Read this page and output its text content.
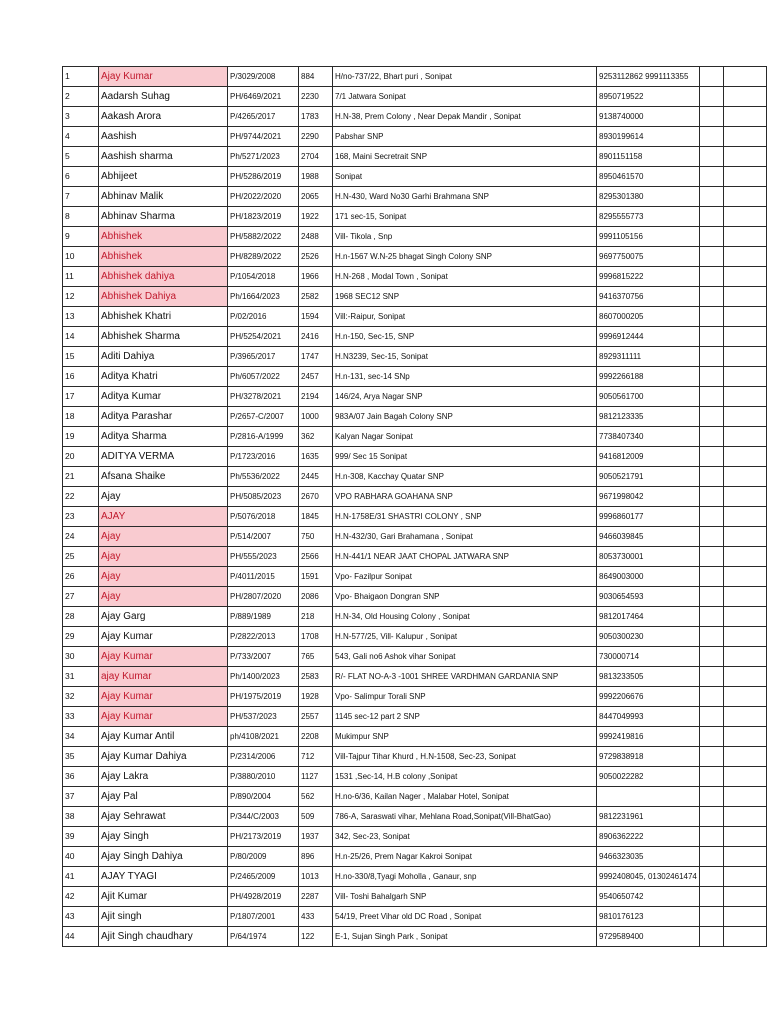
1	Ajay Kumar	P/3029/2008	884	H/no-737/22, Bhart puri , Sonipat	9253112862 9991113355		
2	Aadarsh Suhag	PH/6469/2021	2230	7/1 Jatwara Sonipat	8950719522		
3	Aakash Arora	P/4265/2017	1783	H.N-38, Prem Colony , Near Depak Mandir , Sonipat	9138740000		
4	Aashish	PH/9744/2021	2290	Pabshar SNP	8930199614		
5	Aashish sharma	Ph/5271/2023	2704	168, Maini Secretrait SNP	8901151158		
6	Abhijeet	PH/5286/2019	1988	Sonipat	8950461570		
7	Abhinav Malik	PH/2022/2020	2065	H.N-430, Ward No30 Garhi Brahmana SNP	8295301380		
8	Abhinav Sharma	PH/1823/2019	1922	171 sec-15, Sonipat	8295555773		
9	Abhishek	PH/5882/2022	2488	Vill- Tikola , Snp	9991105156		
10	Abhishek	PH/8289/2022	2526	H.n-1567 W.N-25 bhagat Singh Colony SNP	9697750075		
11	Abhishek dahiya	P/1054/2018	1966	H.N-268 , Modal Town , Sonipat	9996815222		
12	Abhishek Dahiya	Ph/1664/2023	2582	1968 SEC12 SNP	9416370756		
13	Abhishek Khatri	P/02/2016	1594	Vill:-Raipur, Sonipat	8607000205		
14	Abhishek Sharma	PH/5254/2021	2416	H.n-150, Sec-15, SNP	9996912444		
15	Aditi Dahiya	P/3965/2017	1747	H.N3239, Sec-15, Sonipat	8929311111		
16	Aditya Khatri	Ph/6057/2022	2457	H.n-131, sec-14 SNp	9992266188		
17	Aditya Kumar	PH/3278/2021	2194	146/24, Arya Nagar SNP	9050561700		
18	Aditya Parashar	P/2657-C/2007	1000	983A/07 Jain Bagah Colony SNP	9812123335		
19	Aditya Sharma	P/2816-A/1999	362	Kalyan Nagar Sonipat	7738407340		
20	ADITYA VERMA	P/1723/2016	1635	999/ Sec 15 Sonipat	9416812009		
21	Afsana Shaike	Ph/5536/2022	2445	H.n-308, Kacchay Quatar SNP	9050521791		
22	Ajay	PH/5085/2023	2670	VPO RABHARA GOAHANA SNP	9671998042		
23	AJAY	P/5076/2018	1845	H.N-1758E/31 SHASTRI COLONY , SNP	9996860177		
24	Ajay	P/514/2007	750	H.N-432/30, Gari Brahamana , Sonipat	9466039845		
25	Ajay	PH/555/2023	2566	H.N-441/1 NEAR JAAT CHOPAL JATWARA SNP	8053730001		
26	Ajay	P/4011/2015	1591	Vpo- Fazilpur Sonipat	8649003000		
27	Ajay	PH/2807/2020	2086	Vpo- Bhaigaon Dongran SNP	9030654593		
28	Ajay Garg	P/889/1989	218	H.N-34, Old Housing Colony , Sonipat	9812017464		
29	Ajay Kumar	P/2822/2013	1708	H.N-577/25, Vill- Kalupur , Sonipat	9050300230		
30	Ajay Kumar	P/733/2007	765	543, Gali no6 Ashok vihar Sonipat	730000714		
31	ajay Kumar	Ph/1400/2023	2583	R/- FLAT NO-A-3 -1001 SHREE VARDHMAN GARDANIA SNP	9813233505		
32	Ajay Kumar	PH/1975/2019	1928	Vpo- Salimpur Torali SNP	9992206676		
33	Ajay Kumar	PH/537/2023	2557	1145 sec-12 part 2 SNP	8447049993		
34	Ajay Kumar Antil	ph/4108/2021	2208	Mukimpur SNP	9992419816		
35	Ajay Kumar Dahiya	P/2314/2006	712	Vill-Tajpur Tihar Khurd , H.N-1508, Sec-23, Sonipat	9729838918		
36	Ajay Lakra	P/3880/2010	1127	1531 ,Sec-14, H.B colony ,Sonipat	9050022282		
37	Ajay Pal	P/890/2004	562	H.no-6/36, Kailan Nager , Malabar Hotel, Sonipat			
38	Ajay Sehrawat	P/344/C/2003	509	786-A, Saraswati vihar, Mehlana Road,Sonipat(Vill-BhatGao)	9812231961		
39	Ajay Singh	PH/2173/2019	1937	342, Sec-23, Sonipat	8906362222		
40	Ajay Singh Dahiya	P/80/2009	896	H.n-25/26, Prem Nagar Kakroi Sonipat	9466323035		
41	AJAY TYAGI	P/2465/2009	1013	H.no-330/8,Tyagi Moholla , Ganaur, snp	9992408045, 01302461474		
42	Ajit Kumar	PH/4928/2019	2287	Vill- Toshi Bahalgarh SNP	9540650742		
43	Ajit singh	P/1807/2001	433	54/19, Preet Vihar old DC Road , Sonipat	9810176123		
44	Ajit Singh chaudhary	P/64/1974	122	E-1, Sujan Singh Park , Sonipat	9729589400		
